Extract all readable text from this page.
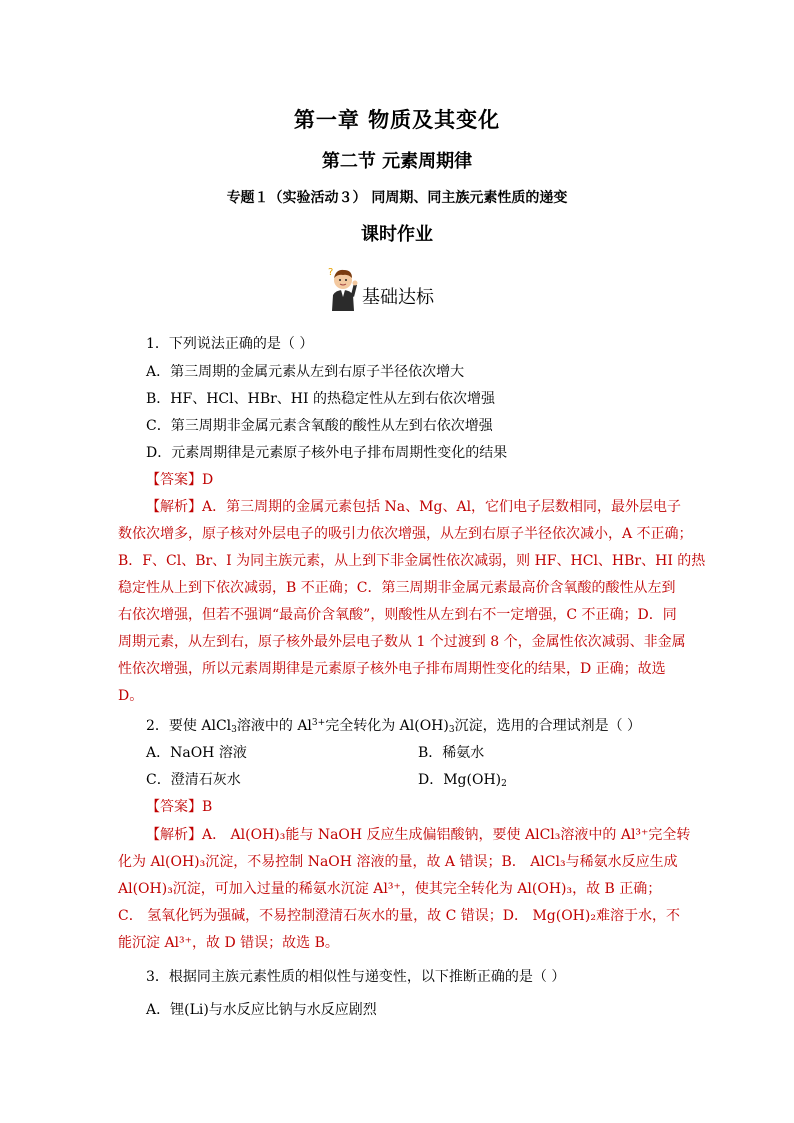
第一章 物质及其变化
第二节 元素周期律
专题１（实验活动３） 同周期、同主族元素性质的递变
课时作业
?
基础达标
1．下列说法正确的是（ ）
A．第三周期的金属元素从左到右原子半径依次增大
B．HF、HCl、HBr、HI 的热稳定性从左到右依次增强
C．第三周期非金属元素含氧酸的酸性从左到右依次增强
D．元素周期律是元素原子核外电子排布周期性变化的结果
【答案】D
【解析】A．第三周期的金属元素包括 Na、Mg、Al，它们电子层数相同，最外层电子
数依次增多，原子核对外层电子的吸引力依次增强，从左到右原子半径依次减小，A 不正确；
B．F、Cl、Br、I 为同主族元素，从上到下非金属性依次减弱，则 HF、HCl、HBr、HI 的热
稳定性从上到下依次减弱，B 不正确；C．第三周期非金属元素最高价含氧酸的酸性从左到
右依次增强，但若不强调“最高价含氧酸”，则酸性从左到右不一定增强，C 不正确；D．同
周期元素，从左到右，原子核外最外层电子数从 1 个过渡到 8 个，金属性依次减弱、非金属
性依次增强，所以元素周期律是元素原子核外电子排布周期性变化的结果，D 正确；故选
D。
2．要使 AlCl$_3$溶液中的 $Al^{3+}$完全转化为 $Al(OH)_3$沉淀，选用的合理试剂是（ ）
A．NaOH 溶液	B．稀氨水
C．澄清石灰水	D．$Mg(OH)_2$
【答案】B
【解析】A． Al(OH)₃能与 NaOH 反应生成偏铝酸钠，要使 AlCl₃溶液中的 Al³⁺完全转
化为 Al(OH)₃沉淀，不易控制 NaOH 溶液的量，故 A 错误；B． AlCl₃与稀氨水反应生成
Al(OH)₃沉淀，可加入过量的稀氨水沉淀 Al³⁺，使其完全转化为 Al(OH)₃，故 B 正确；
C． 氢氧化钙为强碱，不易控制澄清石灰水的量，故 C 错误；D． Mg(OH)₂难溶于水，不
能沉淀 Al³⁺，故 D 错误；故选 B。
3．根据同主族元素性质的相似性与递变性，以下推断正确的是（ ）
A．锂(Li)与水反应比钠与水反应剧烈
